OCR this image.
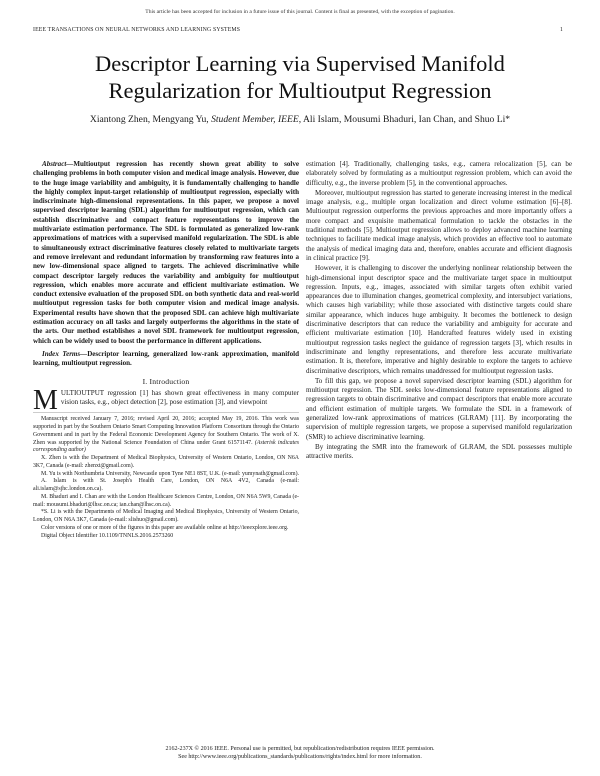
This article has been accepted for inclusion in a future issue of this journal. Content is final as presented, with the exception of pagination.
IEEE TRANSACTIONS ON NEURAL NETWORKS AND LEARNING SYSTEMS	1
Descriptor Learning via Supervised Manifold
Regularization for Multioutput Regression
Xiantong Zhen, Mengyang Yu, Student Member, IEEE, Ali Islam, Mousumi Bhaduri, Ian Chan, and Shuo Li*

Abstract—Multioutput regression has recently shown great ability to solve challenging problems in both computer vision and medical image analysis. However, due to the huge image variability and ambiguity, it is fundamentally challenging to handle the highly complex input-target relationship of multioutput regression, especially with indiscriminate high-dimensional representations. In this paper, we propose a novel supervised descriptor learning (SDL) algorithm for multioutput regression, which can establish discriminative and compact feature representations to improve the multivariate estimation performance. The SDL is formulated as generalized low-rank approximations of matrices with a supervised manifold regularization. The SDL is able to simultaneously extract discriminative features closely related to multivariate targets and remove irrelevant and redundant information by transforming raw features into a new low-dimensional space aligned to targets. The achieved discriminative while compact descriptor largely reduces the variability and ambiguity for multioutput regression, which enables more accurate and efficient multivariate estimation. We conduct extensive evaluation of the proposed SDL on both synthetic data and real-world multioutput regression tasks for both computer vision and medical image analysis. Experimental results have shown that the proposed SDL can achieve high multivariate estimation accuracy on all tasks and largely outperforms the algorithms in the state of the arts. Our method establishes a novel SDL framework for multioutput regression, which can be widely used to boost the performance in different applications.

Index Terms—Descriptor learning, generalized low-rank approximation, manifold learning, multioutput regression.

I. Introduction

MULTIOUTPUT regression [1] has shown great effectiveness in many computer vision tasks, e.g., object detection [2], pose estimation [3], and viewpoint

Manuscript received January 7, 2016; revised April 20, 2016; accepted May 19, 2016. This work was supported in part by the Southern Ontario Smart Computing Innovation Platform Consortium through the Ontario Government and in part by the Federal Economic Development Agency for Southern Ontario. The work of X. Zhen was supported by the National Science Foundation of China under Grant 61571147. (Asterisk indicates corresponding author)

X. Zhen is with the Department of Medical Biophysics, University of Western Ontario, London, ON N6A 3K7, Canada (e-mail: zhenxt@gmail.com).

M. Yu is with Northumbria University, Newcastle upon Tyne NE1 8ST, U.K. (e-mail: yumynath@gmail.com).

A. Islam is with St. Joseph's Health Care, London, ON N6A 4V2, Canada (e-mail: ali.islam@sjhc.london.on.ca).

M. Bhaduri and I. Chan are with the London Healthcare Sciences Centre, London, ON N6A 5W9, Canada (e-mail: mousumi.bhaduri@lhsc.on.ca; ian.chan@lhsc.on.ca).

*S. Li is with the Departments of Medical Imaging and Medical Biophysics, University of Western Ontario, London, ON N6A 3K7, Canada (e-mail: slishuo@gmail.com).

Color versions of one or more of the figures in this paper are available online at http://ieeexplore.ieee.org.

Digital Object Identifier 10.1109/TNNLS.2016.2573260

estimation [4]. Traditionally, challenging tasks, e.g., camera relocalization [5], can be elaborately solved by formulating as a multioutput regression problem, which can avoid the difficulty, e.g., the inverse problem [5], in the conventional approaches.

Moreover, multioutput regression has started to generate increasing interest in the medical image analysis, e.g., multiple organ localization and direct volume estimation [6]–[8]. Multioutput regression outperforms the previous approaches and more importantly offers a more compact and exquisite mathematical formulation to tackle the obstacles in the traditional methods [5]. Multioutput regression allows to deploy advanced machine learning techniques to facilitate medical image analysis, which provides an effective tool to automate the analysis of medical imaging data and, therefore, enables accurate and efficient diagnosis in clinical practice [9].

However, it is challenging to discover the underlying nonlinear relationship between the high-dimensional input descriptor space and the multivariate target space in multioutput regression. Inputs, e.g., images, associated with similar targets often exhibit varied appearances due to illumination changes, geometrical complexity, and intersubject variations, which causes high variability; while those associated with distinctive targets could share similar appearance, which induces huge ambiguity. It becomes the bottleneck to design discriminative descriptors that can reduce the variability and ambiguity for accurate and efficient multivariate estimation [10]. Handcrafted features widely used in existing multioutput regression tasks neglect the guidance of regression targets [3], which results in indiscriminate and lengthy representations, and therefore less accurate multivariate estimation. It is, therefore, imperative and highly desirable to explore the targets to achieve discriminative descriptors, which remains unaddressed for multioutput regression tasks.

To fill this gap, we propose a novel supervised descriptor learning (SDL) algorithm for multioutput regression. The SDL seeks low-dimensional feature representations aligned to regression targets to obtain discriminative and compact descriptors that enable more accurate and efficient estimation of multiple targets. We formulate the SDL in a framework of generalized low-rank approximations of matrices (GLRAM) [11]. By incorporating the supervision of multiple regression targets, we propose a supervised manifold regularization (SMR) to achieve discriminative learning.

By integrating the SMR into the framework of GLRAM, the SDL possesses multiple attractive merits.

2162-237X © 2016 IEEE. Personal use is permitted, but republication/redistribution requires IEEE permission.
See http://www.ieee.org/publications_standards/publications/rights/index.html for more information.
